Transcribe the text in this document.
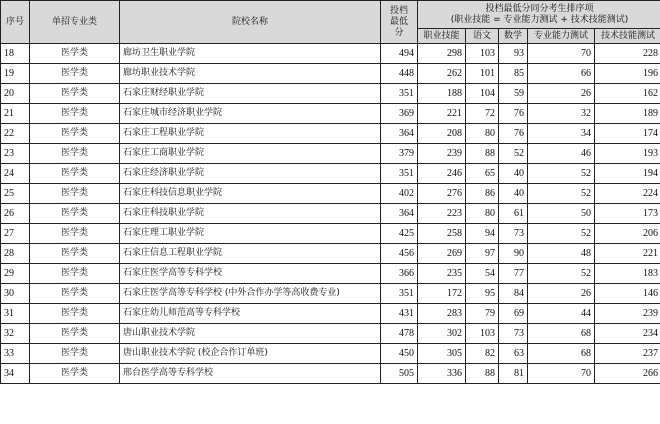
序号	单招专业类	院校名称	投档最低分	投档最低分同分考生排序项
(职业技能 = 专业能力测试 + 技术技能测试)				

				职业技能	语文	数学	专业能力测试	技术技能测试
18	医学类	廊坊卫生职业学院	494	298	103	93	70	228
19	医学类	廊坊职业技术学院	448	262	101	85	66	196
20	医学类	石家庄财经职业学院	351	188	104	59	26	162
21	医学类	石家庄城市经济职业学院	369	221	72	76	32	189
22	医学类	石家庄工程职业学院	364	208	80	76	34	174
23	医学类	石家庄工商职业学院	379	239	88	52	46	193
24	医学类	石家庄经济职业学院	351	246	65	40	52	194
25	医学类	石家庄科技信息职业学院	402	276	86	40	52	224
26	医学类	石家庄科技职业学院	364	223	80	61	50	173
27	医学类	石家庄理工职业学院	425	258	94	73	52	206
28	医学类	石家庄信息工程职业学院	456	269	97	90	48	221
29	医学类	石家庄医学高等专科学校	366	235	54	77	52	183
30	医学类	石家庄医学高等专科学校 (中外合作办学等高收费专业)	351	172	95	84	26	146
31	医学类	石家庄幼儿师范高等专科学校	431	283	79	69	44	239
32	医学类	唐山职业技术学院	478	302	103	73	68	234
33	医学类	唐山职业技术学院 (校企合作订单班)	450	305	82	63	68	237
34	医学类	邢台医学高等专科学校	505	336	88	81	70	266
